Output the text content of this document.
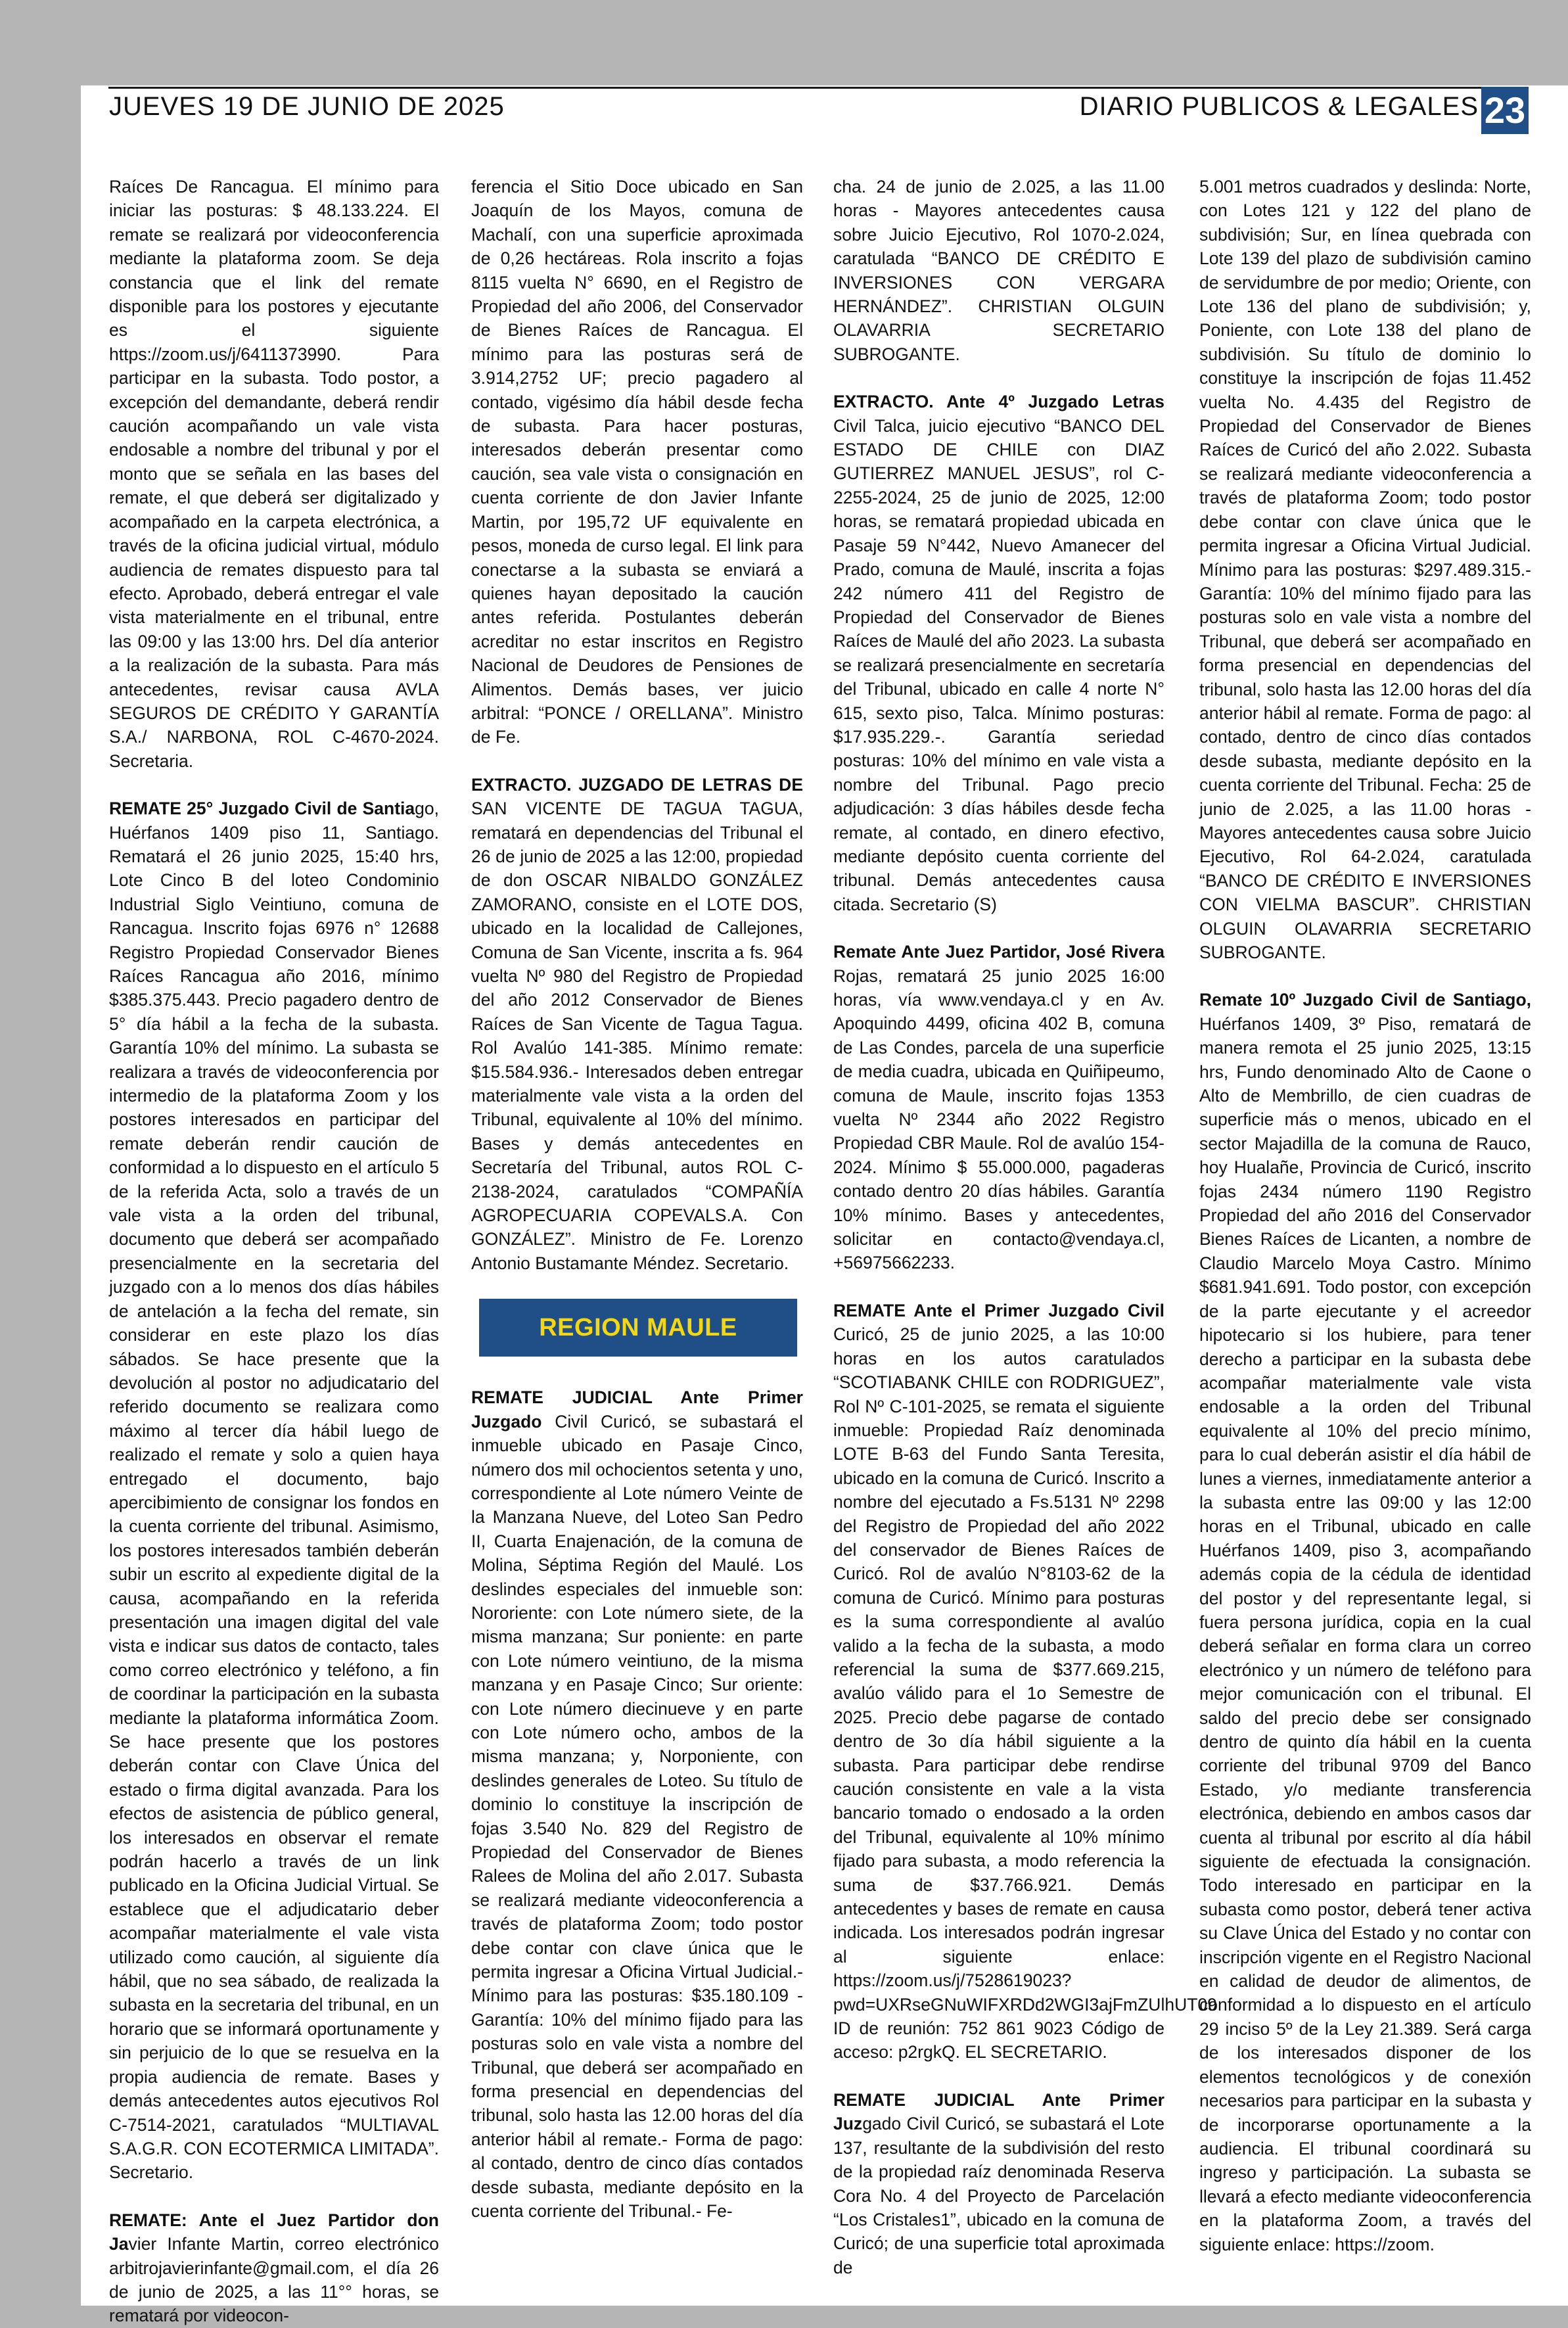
JUEVES 19 DE JUNIO DE 2025	DIARIO PUBLICOS & LEGALES 23

Raíces De Rancagua. El mínimo para iniciar las posturas: $ 48.133.224. El remate se realizará por videoconferencia mediante la plataforma zoom. Se deja constancia que el link del remate disponible para los postores y ejecutante es el siguiente https://zoom.us/j/6411373990. Para participar en la subasta. Todo postor, a excepción del demandante, deberá rendir caución acompañando un vale vista endosable a nombre del tribunal y por el monto que se señala en las bases del remate, el que deberá ser digitalizado y acompañado en la carpeta electrónica, a través de la oficina judicial virtual, módulo audiencia de remates dispuesto para tal efecto. Aprobado, deberá entregar el vale vista materialmente en el tribunal, entre las 09:00 y las 13:00 hrs. Del día anterior a la realización de la subasta. Para más antecedentes, revisar causa AVLA SEGUROS DE CRÉDITO Y GARANTÍA S.A./ NARBONA, ROL C-4670-2024. Secretaria.

REMATE 25° Juzgado Civil de Santiago, Huérfanos 1409 piso 11, Santiago. Rematará el 26 junio 2025, 15:40 hrs, Lote Cinco B del loteo Condominio Industrial Siglo Veintiuno, comuna de Rancagua. Inscrito fojas 6976 n° 12688 Registro Propiedad Conservador Bienes Raíces Rancagua año 2016, mínimo $385.375.443. Precio pagadero dentro de 5° día hábil a la fecha de la subasta. Garantía 10% del mínimo. La subasta se realizara a través de videoconferencia por intermedio de la plataforma Zoom y los postores interesados en participar del remate deberán rendir caución de conformidad a lo dispuesto en el artículo 5 de la referida Acta, solo a través de un vale vista a la orden del tribunal, documento que deberá ser acompañado presencialmente en la secretaria del juzgado con a lo menos dos días hábiles de antelación a la fecha del remate, sin considerar en este plazo los días sábados. Se hace presente que la devolución al postor no adjudicatario del referido documento se realizara como máximo al tercer día hábil luego de realizado el remate y solo a quien haya entregado el documento, bajo apercibimiento de consignar los fondos en la cuenta corriente del tribunal. Asimismo, los postores interesados también deberán subir un escrito al expediente digital de la causa, acompañando en la referida presentación una imagen digital del vale vista e indicar sus datos de contacto, tales como correo electrónico y teléfono, a fin de coordinar la participación en la subasta mediante la plataforma informática Zoom. Se hace presente que los postores deberán contar con Clave Única del estado o firma digital avanzada. Para los efectos de asistencia de público general, los interesados en observar el remate podrán hacerlo a través de un link publicado en la Oficina Judicial Virtual. Se establece que el adjudicatario deber acompañar materialmente el vale vista utilizado como caución, al siguiente día hábil, que no sea sábado, de realizada la subasta en la secretaria del tribunal, en un horario que se informará oportunamente y sin perjuicio de lo que se resuelva en la propia audiencia de remate. Bases y demás antecedentes autos ejecutivos Rol C-7514-2021, caratulados “MULTIAVAL S.A.G.R. CON ECOTERMICA LIMITADA”. Secretario.

REMATE: Ante el Juez Partidor don Javier Infante Martin, correo electrónico arbitrojavierinfante@gmail.com, el día 26 de junio de 2025, a las 11°° horas, se rematará por videocon-

ferencia el Sitio Doce ubicado en San Joaquín de los Mayos, comuna de Machalí, con una superficie aproximada de 0,26 hectáreas. Rola inscrito a fojas 8115 vuelta N° 6690, en el Registro de Propiedad del año 2006, del Conservador de Bienes Raíces de Rancagua. El mínimo para las posturas será de 3.914,2752 UF; precio pagadero al contado, vigésimo día hábil desde fecha de subasta. Para hacer posturas, interesados deberán presentar como caución, sea vale vista o consignación en cuenta corriente de don Javier Infante Martin, por 195,72 UF equivalente en pesos, moneda de curso legal. El link para conectarse a la subasta se enviará a quienes hayan depositado la caución antes referida. Postulantes deberán acreditar no estar inscritos en Registro Nacional de Deudores de Pensiones de Alimentos. Demás bases, ver juicio arbitral: “PONCE / ORELLANA”. Ministro de Fe.

EXTRACTO. JUZGADO DE LETRAS DE SAN VICENTE DE TAGUA TAGUA, rematará en dependencias del Tribunal el 26 de junio de 2025 a las 12:00, propiedad de don OSCAR NIBALDO GONZÁLEZ ZAMORANO, consiste en el LOTE DOS, ubicado en la localidad de Callejones, Comuna de San Vicente, inscrita a fs. 964 vuelta Nº 980 del Registro de Propiedad del año 2012 Conservador de Bienes Raíces de San Vicente de Tagua Tagua. Rol Avalúo 141-385. Mínimo remate: $15.584.936.- Interesados deben entregar materialmente vale vista a la orden del Tribunal, equivalente al 10% del mínimo. Bases y demás antecedentes en Secretaría del Tribunal, autos ROL C-2138-2024, caratulados “COMPAÑÍA AGROPECUARIA COPEVALS.A. Con GONZÁLEZ”. Ministro de Fe. Lorenzo Antonio Bustamante Méndez. Secretario.

REGION MAULE

REMATE JUDICIAL Ante Primer Juzgado Civil Curicó, se subastará el inmueble ubicado en Pasaje Cinco, número dos mil ochocientos setenta y uno, correspondiente al Lote número Veinte de la Manzana Nueve, del Loteo San Pedro II, Cuarta Enajenación, de la comuna de Molina, Séptima Región del Maulé. Los deslindes especiales del inmueble son: Nororiente: con Lote número siete, de la misma manzana; Sur poniente: en parte con Lote número veintiuno, de la misma manzana y en Pasaje Cinco; Sur oriente: con Lote número diecinueve y en parte con Lote número ocho, ambos de la misma manzana; y, Norponiente, con deslindes generales de Loteo. Su título de dominio lo constituye la inscripción de fojas 3.540 No. 829 del Registro de Propiedad del Conservador de Bienes Ralees de Molina del año 2.017. Subasta se realizará mediante videoconferencia a través de plataforma Zoom; todo postor debe contar con clave única que le permita ingresar a Oficina Virtual Judicial.- Mínimo para las posturas: $35.180.109 - Garantía: 10% del mínimo fijado para las posturas solo en vale vista a nombre del Tribunal, que deberá ser acompañado en forma presencial en dependencias del tribunal, solo hasta las 12.00 horas del día anterior hábil al remate.- Forma de pago: al contado, dentro de cinco días contados desde subasta, mediante depósito en la cuenta corriente del Tribunal.- Fe-

cha. 24 de junio de 2.025, a las 11.00 horas - Mayores antecedentes causa sobre Juicio Ejecutivo, Rol 1070-2.024, caratulada “BANCO DE CRÉDITO E INVERSIONES CON VERGARA HERNÁNDEZ”. CHRISTIAN OLGUIN OLAVARRIA SECRETARIO SUBROGANTE.

EXTRACTO. Ante 4º Juzgado Letras Civil Talca, juicio ejecutivo “BANCO DEL ESTADO DE CHILE con DIAZ GUTIERREZ MANUEL JESUS”, rol C-2255-2024, 25 de junio de 2025, 12:00 horas, se rematará propiedad ubicada en Pasaje 59 N°442, Nuevo Amanecer del Prado, comuna de Maulé, inscrita a fojas 242 número 411 del Registro de Propiedad del Conservador de Bienes Raíces de Maulé del año 2023. La subasta se realizará presencialmente en secretaría del Tribunal, ubicado en calle 4 norte N° 615, sexto piso, Talca. Mínimo posturas: $17.935.229.-. Garantía seriedad posturas: 10% del mínimo en vale vista a nombre del Tribunal. Pago precio adjudicación: 3 días hábiles desde fecha remate, al contado, en dinero efectivo, mediante depósito cuenta corriente del tribunal. Demás antecedentes causa citada. Secretario (S)

Remate Ante Juez Partidor, José Rivera Rojas, rematará 25 junio 2025 16:00 horas, vía www.vendaya.cl y en Av. Apoquindo 4499, oficina 402 B, comuna de Las Condes, parcela de una superficie de media cuadra, ubicada en Quiñipeumo, comuna de Maule, inscrito fojas 1353 vuelta Nº 2344 año 2022 Registro Propiedad CBR Maule. Rol de avalúo 154-2024. Mínimo $ 55.000.000, pagaderas contado dentro 20 días hábiles. Garantía 10% mínimo. Bases y antecedentes, solicitar en contacto@vendaya.cl, +56975662233.

REMATE Ante el Primer Juzgado Civil Curicó, 25 de junio 2025, a las 10:00 horas en los autos caratulados “SCOTIABANK CHILE con RODRIGUEZ”, Rol Nº C-101-2025, se remata el siguiente inmueble: Propiedad Raíz denominada LOTE B-63 del Fundo Santa Teresita, ubicado en la comuna de Curicó. Inscrito a nombre del ejecutado a Fs.5131 Nº 2298 del Registro de Propiedad del año 2022 del conservador de Bienes Raíces de Curicó. Rol de avalúo N°8103-62 de la comuna de Curicó. Mínimo para posturas es la suma correspondiente al avalúo valido a la fecha de la subasta, a modo referencial la suma de $377.669.215, avalúo válido para el 1o Semestre de 2025. Precio debe pagarse de contado dentro de 3o día hábil siguiente a la subasta. Para participar debe rendirse caución consistente en vale a la vista bancario tomado o endosado a la orden del Tribunal, equivalente al 10% mínimo fijado para subasta, a modo referencia la suma de $37.766.921. Demás antecedentes y bases de remate en causa indicada. Los interesados podrán ingresar al siguiente enlace: https://zoom.us/j/7528619023?pwd=UXRseGNuWIFXRDd2WGI3ajFmZUlhUT09 ID de reunión: 752 861 9023 Código de acceso: p2rgkQ. EL SECRETARIO.

REMATE JUDICIAL Ante Primer Juzgado Civil Curicó, se subastará el Lote 137, resultante de la subdivisión del resto de la propiedad raíz denominada Reserva Cora No. 4 del Proyecto de Parcelación “Los Cristales1”, ubicado en la comuna de Curicó; de una superficie total aproximada de

5.001 metros cuadrados y deslinda: Norte, con Lotes 121 y 122 del plano de subdivisión; Sur, en línea quebrada con Lote 139 del plazo de subdivisión camino de servidumbre de por medio; Oriente, con Lote 136 del plano de subdivisión; y, Poniente, con Lote 138 del plano de subdivisión. Su título de dominio lo constituye la inscripción de fojas 11.452 vuelta No. 4.435 del Registro de Propiedad del Conservador de Bienes Raíces de Curicó del año 2.022. Subasta se realizará mediante videoconferencia a través de plataforma Zoom; todo postor debe contar con clave única que le permita ingresar a Oficina Virtual Judicial. Mínimo para las posturas: $297.489.315.- Garantía: 10% del mínimo fijado para las posturas solo en vale vista a nombre del Tribunal, que deberá ser acompañado en forma presencial en dependencias del tribunal, solo hasta las 12.00 horas del día anterior hábil al remate. Forma de pago: al contado, dentro de cinco días contados desde subasta, mediante depósito en la cuenta corriente del Tribunal. Fecha: 25 de junio de 2.025, a las 11.00 horas - Mayores antecedentes causa sobre Juicio Ejecutivo, Rol 64-2.024, caratulada “BANCO DE CRÉDITO E INVERSIONES CON VIELMA BASCUR”. CHRISTIAN OLGUIN OLAVARRIA SECRETARIO SUBROGANTE.

Remate 10º Juzgado Civil de Santiago, Huérfanos 1409, 3º Piso, rematará de manera remota el 25 junio 2025, 13:15 hrs, Fundo denominado Alto de Caone o Alto de Membrillo, de cien cuadras de superficie más o menos, ubicado en el sector Majadilla de la comuna de Rauco, hoy Hualañe, Provincia de Curicó, inscrito fojas 2434 número 1190 Registro Propiedad del año 2016 del Conservador Bienes Raíces de Licanten, a nombre de Claudio Marcelo Moya Castro. Mínimo $681.941.691. Todo postor, con excepción de la parte ejecutante y el acreedor hipotecario si los hubiere, para tener derecho a participar en la subasta debe acompañar materialmente vale vista endosable a la orden del Tribunal equivalente al 10% del precio mínimo, para lo cual deberán asistir el día hábil de lunes a viernes, inmediatamente anterior a la subasta entre las 09:00 y las 12:00 horas en el Tribunal, ubicado en calle Huérfanos 1409, piso 3, acompañando además copia de la cédula de identidad del postor y del representante legal, si fuera persona jurídica, copia en la cual deberá señalar en forma clara un correo electrónico y un número de teléfono para mejor comunicación con el tribunal. El saldo del precio debe ser consignado dentro de quinto día hábil en la cuenta corriente del tribunal 9709 del Banco Estado, y/o mediante transferencia electrónica, debiendo en ambos casos dar cuenta al tribunal por escrito al día hábil siguiente de efectuada la consignación. Todo interesado en participar en la subasta como postor, deberá tener activa su Clave Única del Estado y no contar con inscripción vigente en el Registro Nacional en calidad de deudor de alimentos, de conformidad a lo dispuesto en el artículo 29 inciso 5º de la Ley 21.389. Será carga de los interesados disponer de los elementos tecnológicos y de conexión necesarios para participar en la subasta y de incorporarse oportunamente a la audiencia. El tribunal coordinará su ingreso y participación. La subasta se llevará a efecto mediante videoconferencia en la plataforma Zoom, a través del siguiente enlace: https://zoom.
